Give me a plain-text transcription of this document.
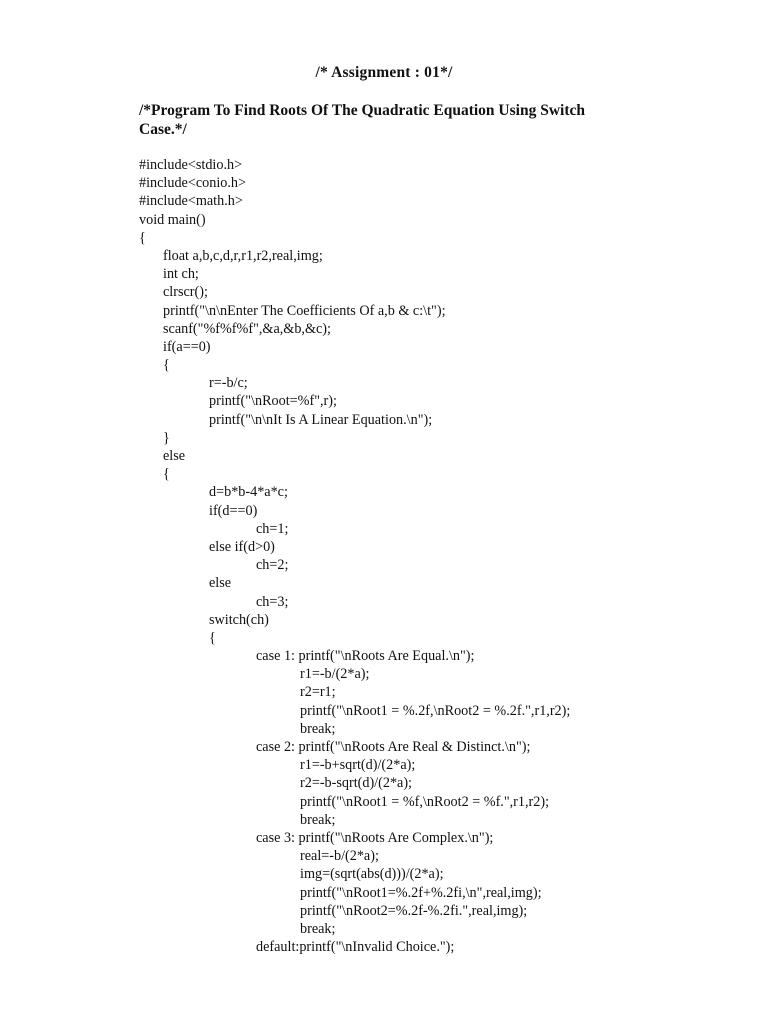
/* Assignment : 01*/
/*Program To Find Roots Of The Quadratic Equation Using Switch
Case.*/
#include<stdio.h>
#include<conio.h>
#include<math.h>
void main()
{
float a,b,c,d,r,r1,r2,real,img;
int ch;
clrscr();
printf("\n\nEnter The Coefficients Of a,b & c:\t");
scanf("%f%f%f",&a,&b,&c);
if(a==0)
{
r=-b/c;
printf("\nRoot=%f",r);
printf("\n\nIt Is A Linear Equation.\n");
}
else
{
d=b*b-4*a*c;
if(d==0)
ch=1;
else if(d>0)
ch=2;
else
ch=3;
switch(ch)
{
case 1: printf("\nRoots Are Equal.\n");
r1=-b/(2*a);
r2=r1;
printf("\nRoot1 = %.2f,\nRoot2 = %.2f.",r1,r2);
break;
case 2: printf("\nRoots Are Real & Distinct.\n");
r1=-b+sqrt(d)/(2*a);
r2=-b-sqrt(d)/(2*a);
printf("\nRoot1 = %f,\nRoot2 = %f.",r1,r2);
break;
case 3: printf("\nRoots Are Complex.\n");
real=-b/(2*a);
img=(sqrt(abs(d)))/(2*a);
printf("\nRoot1=%.2f+%.2fi,\n",real,img);
printf("\nRoot2=%.2f-%.2fi.",real,img);
break;
default:printf("\nInvalid Choice.");
